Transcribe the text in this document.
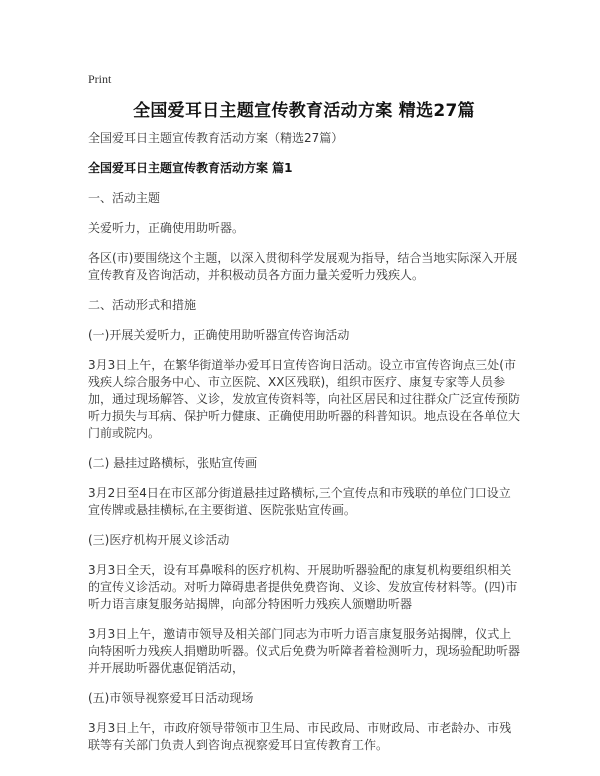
Print
全国爱耳日主题宣传教育活动方案 精选27篇

全国爱耳日主题宣传教育活动方案（精选27篇）

全国爱耳日主题宣传教育活动方案 篇1

一、活动主题

关爱听力，正确使用助听器。

各区(市)要围绕这个主题，以深入贯彻科学发展观为指导，结合当地实际深入开展宣传教育及咨询活动，并积极动员各方面力量关爱听力残疾人。

二、活动形式和措施

(一)开展关爱听力，正确使用助听器宣传咨询活动

3月3日上午，在繁华街道举办爱耳日宣传咨询日活动。设立市宣传咨询点三处(市残疾人综合服务中心、市立医院、XX区残联)，组织市医疗、康复专家等人员参加，通过现场解答、义诊，发放宣传资料等，向社区居民和过往群众广泛宣传预防听力损失与耳病、保护听力健康、正确使用助听器的科普知识。地点设在各单位大门前或院内。

(二) 悬挂过路横标，张贴宣传画

3月2日至4日在市区部分街道悬挂过路横标,三个宣传点和市残联的单位门口设立宣传牌或悬挂横标,在主要街道、医院张贴宣传画。

(三)医疗机构开展义诊活动

3月3日全天，设有耳鼻喉科的医疗机构、开展助听器验配的康复机构要组织相关的宣传义诊活动。对听力障碍患者提供免费咨询、义诊、发放宣传材料等。(四)市听力语言康复服务站揭牌，向部分特困听力残疾人颁赠助听器

3月3日上午，邀请市领导及相关部门同志为市听力语言康复服务站揭牌，仪式上向特困听力残疾人捐赠助听器。仪式后免费为听障者着检测听力，现场验配助听器并开展助听器优惠促销活动，

(五)市领导视察爱耳日活动现场

3月3日上午，市政府领导带领市卫生局、市民政局、市财政局、市老龄办、市残联等有关部门负责人到咨询点视察爱耳日宣传教育工作。
